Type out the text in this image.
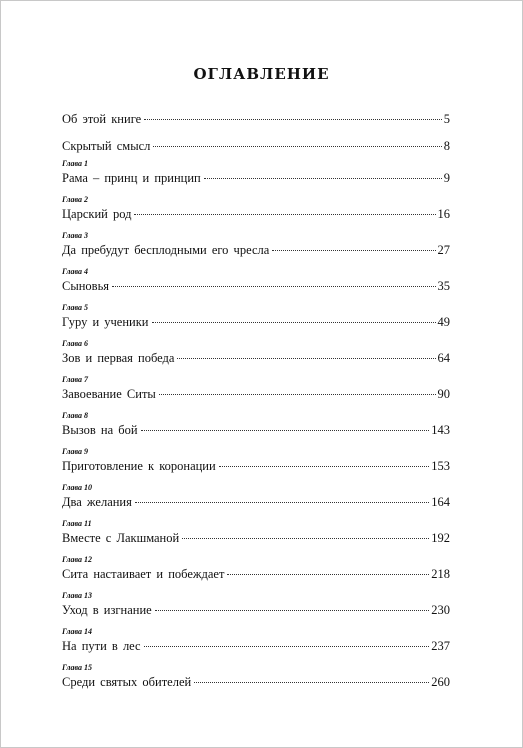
ОГЛАВЛЕНИЕ
Об этой книге	5
Скрытый смысл	8
Глава 1
Рама – принц и принцип	9
Глава 2
Царский род	16
Глава 3
Да пребудут бесплодными его чресла	27
Глава 4
Сыновья	35
Глава 5
Гуру и ученики	49
Глава 6
Зов и первая победа	64
Глава 7
Завоевание Ситы	90
Глава 8
Вызов на бой	143
Глава 9
Приготовление к коронации	153
Глава 10
Два желания	164
Глава 11
Вместе с Лакшманой	192
Глава 12
Сита настаивает и побеждает	218
Глава 13
Уход в изгнание	230
Глава 14
На пути в лес	237
Глава 15
Среди святых обителей	260
